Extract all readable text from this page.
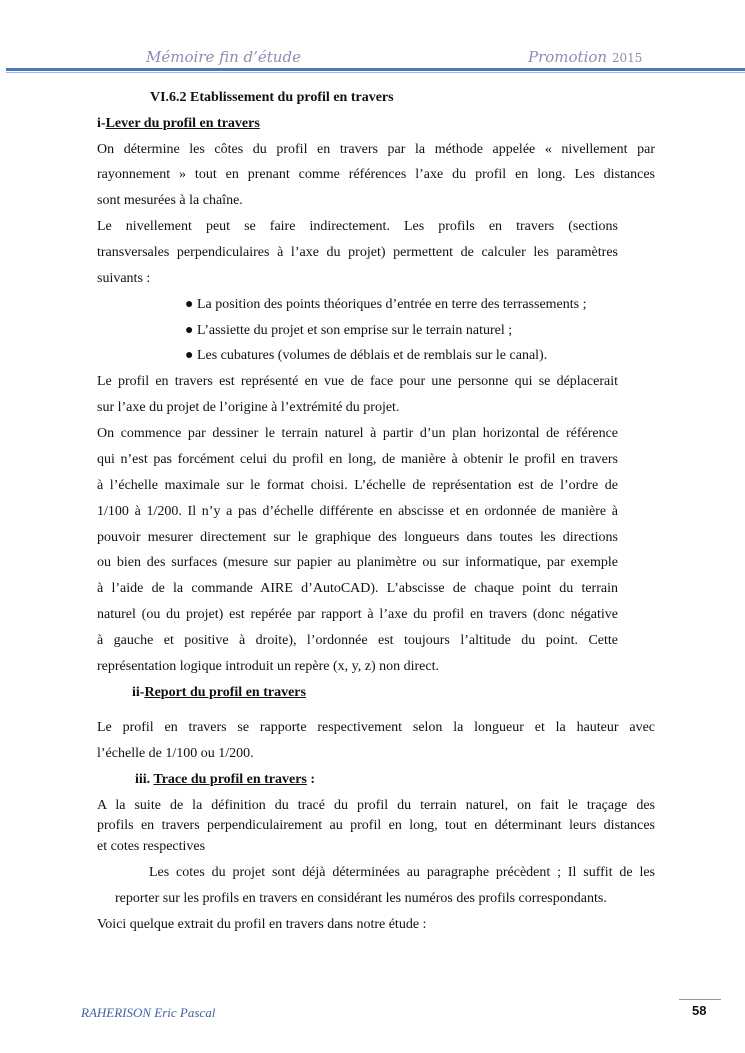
Mémoire fin d’étude	Promotion 2015
VI.6.2 Etablissement du profil en travers
i-Lever du profil en travers
On détermine les côtes du profil en travers par la méthode appelée « nivellement par
rayonnement » tout en prenant comme références l’axe du profil en long. Les distances
sont mesurées à la chaîne.
Le nivellement peut se faire indirectement. Les profils en travers (sections
transversales perpendiculaires à l’axe du projet) permettent de calculer les paramètres
suivants :
● La position des points théoriques d’entrée en terre des terrassements ;
● L’assiette du projet et son emprise sur le terrain naturel ;
● Les cubatures (volumes de déblais et de remblais sur le canal).
Le profil en travers est représenté en vue de face pour une personne qui se déplacerait
sur l’axe du projet de l’origine à l’extrémité du projet.
On commence par dessiner le terrain naturel à partir d’un plan horizontal de référence
qui n’est pas forcément celui du profil en long, de manière à obtenir le profil en travers
à l’échelle maximale sur le format choisi. L’échelle de représentation est de l’ordre de
1/100 à 1/200. Il n’y a pas d’échelle différente en abscisse et en ordonnée de manière à
pouvoir mesurer directement sur le graphique des longueurs dans toutes les directions
ou bien des surfaces (mesure sur papier au planimètre ou sur informatique, par exemple
à l’aide de la commande AIRE d’AutoCAD). L’abscisse de chaque point du terrain
naturel (ou du projet) est repérée par rapport à l’axe du profil en travers (donc négative
à gauche et positive à droite), l’ordonnée est toujours l’altitude du point. Cette
représentation logique introduit un repère (x, y, z) non direct.
ii-Report du profil en travers
Le profil en travers se rapporte respectivement selon la longueur et la hauteur avec
l’échelle de 1/100 ou 1/200.
iii. Trace du profil en travers :
A la suite de la définition du tracé du profil du terrain naturel, on fait le traçage des
profils en travers perpendiculairement au profil en long, tout en déterminant leurs distances
et cotes respectives
Les cotes du projet sont déjà déterminées au paragraphe précèdent ; Il suffit de les
reporter sur les profils en travers en considérant les numéros des profils correspondants.
Voici quelque extrait du profil en travers dans notre étude :
RAHERISON Eric Pascal	58
